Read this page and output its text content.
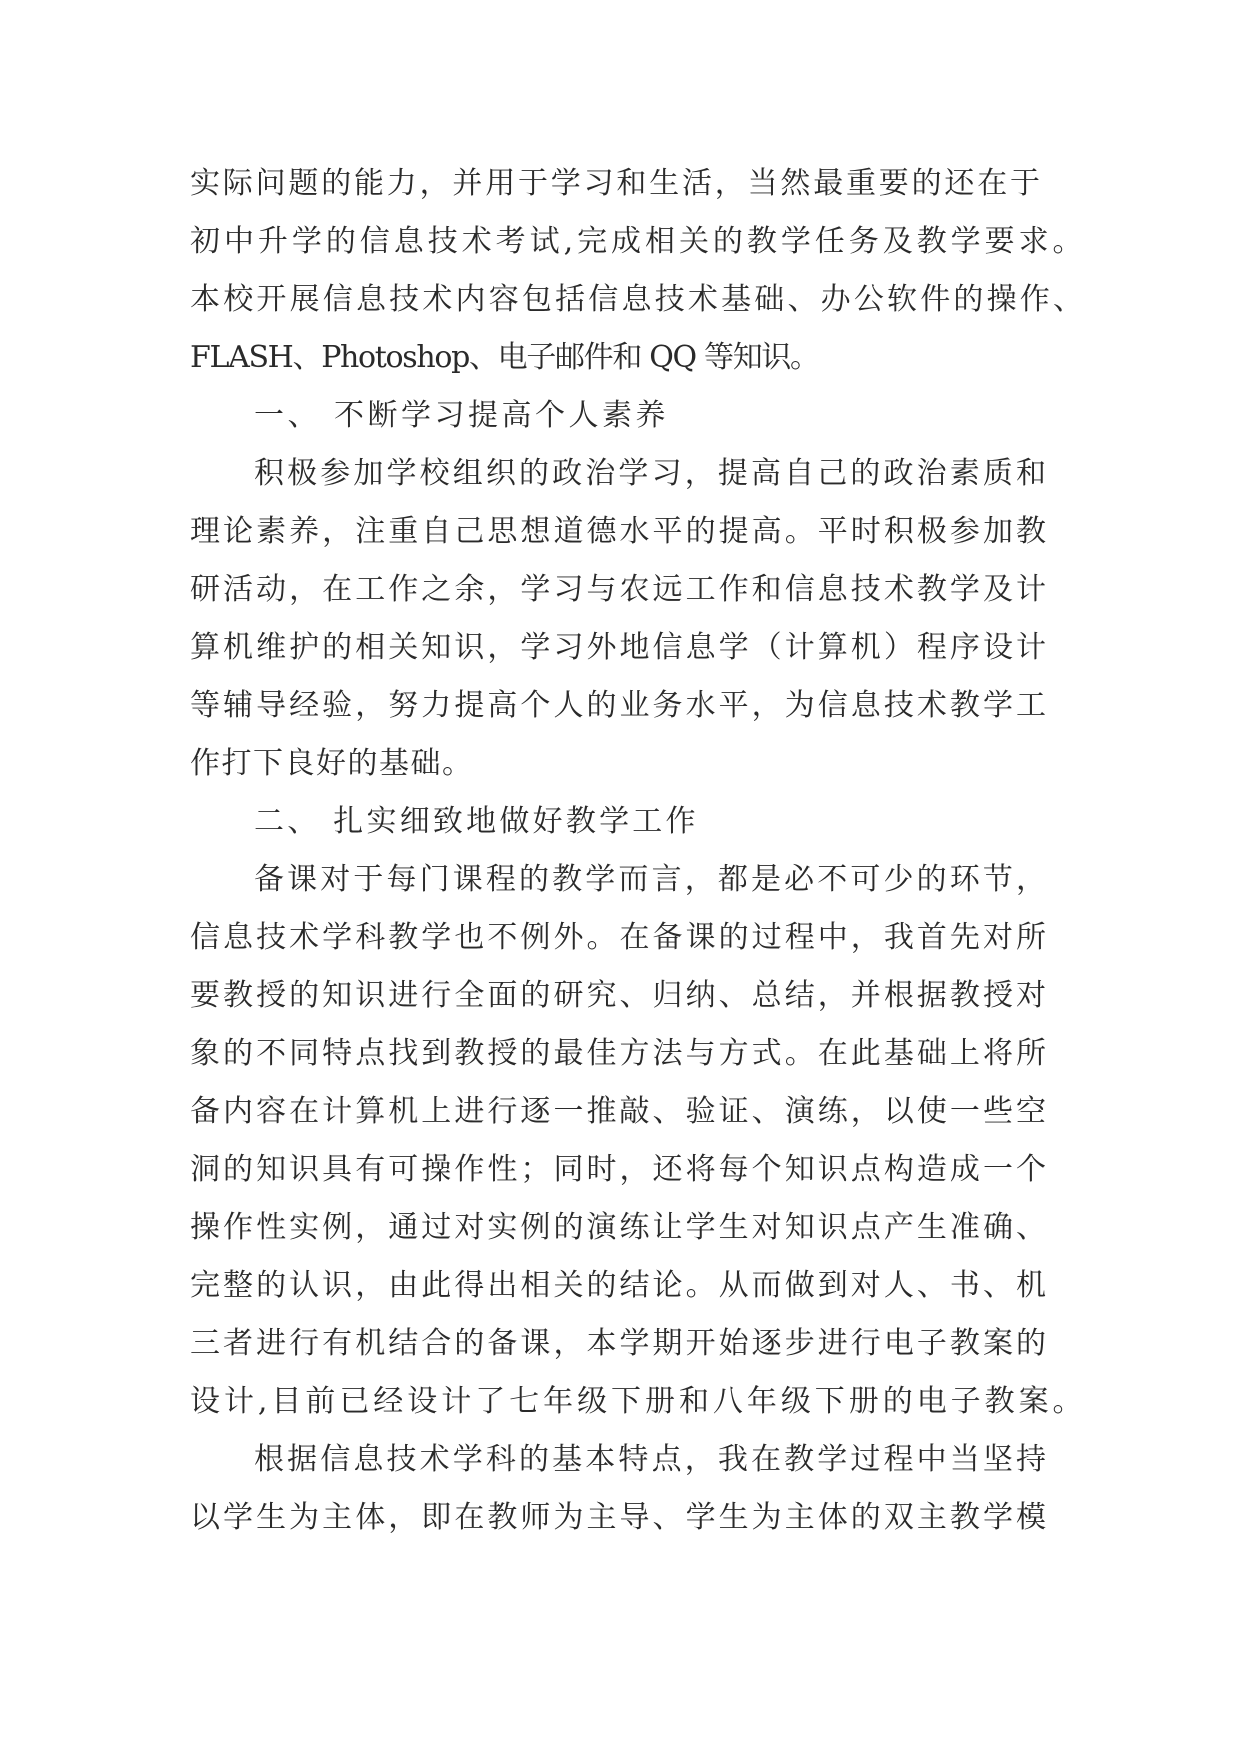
实际问题的能力，并用于学习和生活，当然最重要的还在于
初中升学的信息技术考试,完成相关的教学任务及教学要求。
本校开展信息技术内容包括信息技术基础、办公软件的操作、
FLASH、Photoshop、电子邮件和 QQ 等知识。
一、 不断学习提高个人素养
积极参加学校组织的政治学习，提高自己的政治素质和
理论素养，注重自己思想道德水平的提高。平时积极参加教
研活动，在工作之余，学习与农远工作和信息技术教学及计
算机维护的相关知识，学习外地信息学（计算机）程序设计
等辅导经验，努力提高个人的业务水平，为信息技术教学工
作打下良好的基础。
二、 扎实细致地做好教学工作
备课对于每门课程的教学而言，都是必不可少的环节，
信息技术学科教学也不例外。在备课的过程中，我首先对所
要教授的知识进行全面的研究、归纳、总结，并根据教授对
象的不同特点找到教授的最佳方法与方式。在此基础上将所
备内容在计算机上进行逐一推敲、验证、演练，以使一些空
洞的知识具有可操作性；同时，还将每个知识点构造成一个
操作性实例，通过对实例的演练让学生对知识点产生准确、
完整的认识，由此得出相关的结论。从而做到对人、书、机
三者进行有机结合的备课，本学期开始逐步进行电子教案的
设计,目前已经设计了七年级下册和八年级下册的电子教案。
根据信息技术学科的基本特点，我在教学过程中当坚持
以学生为主体，即在教师为主导、学生为主体的双主教学模
